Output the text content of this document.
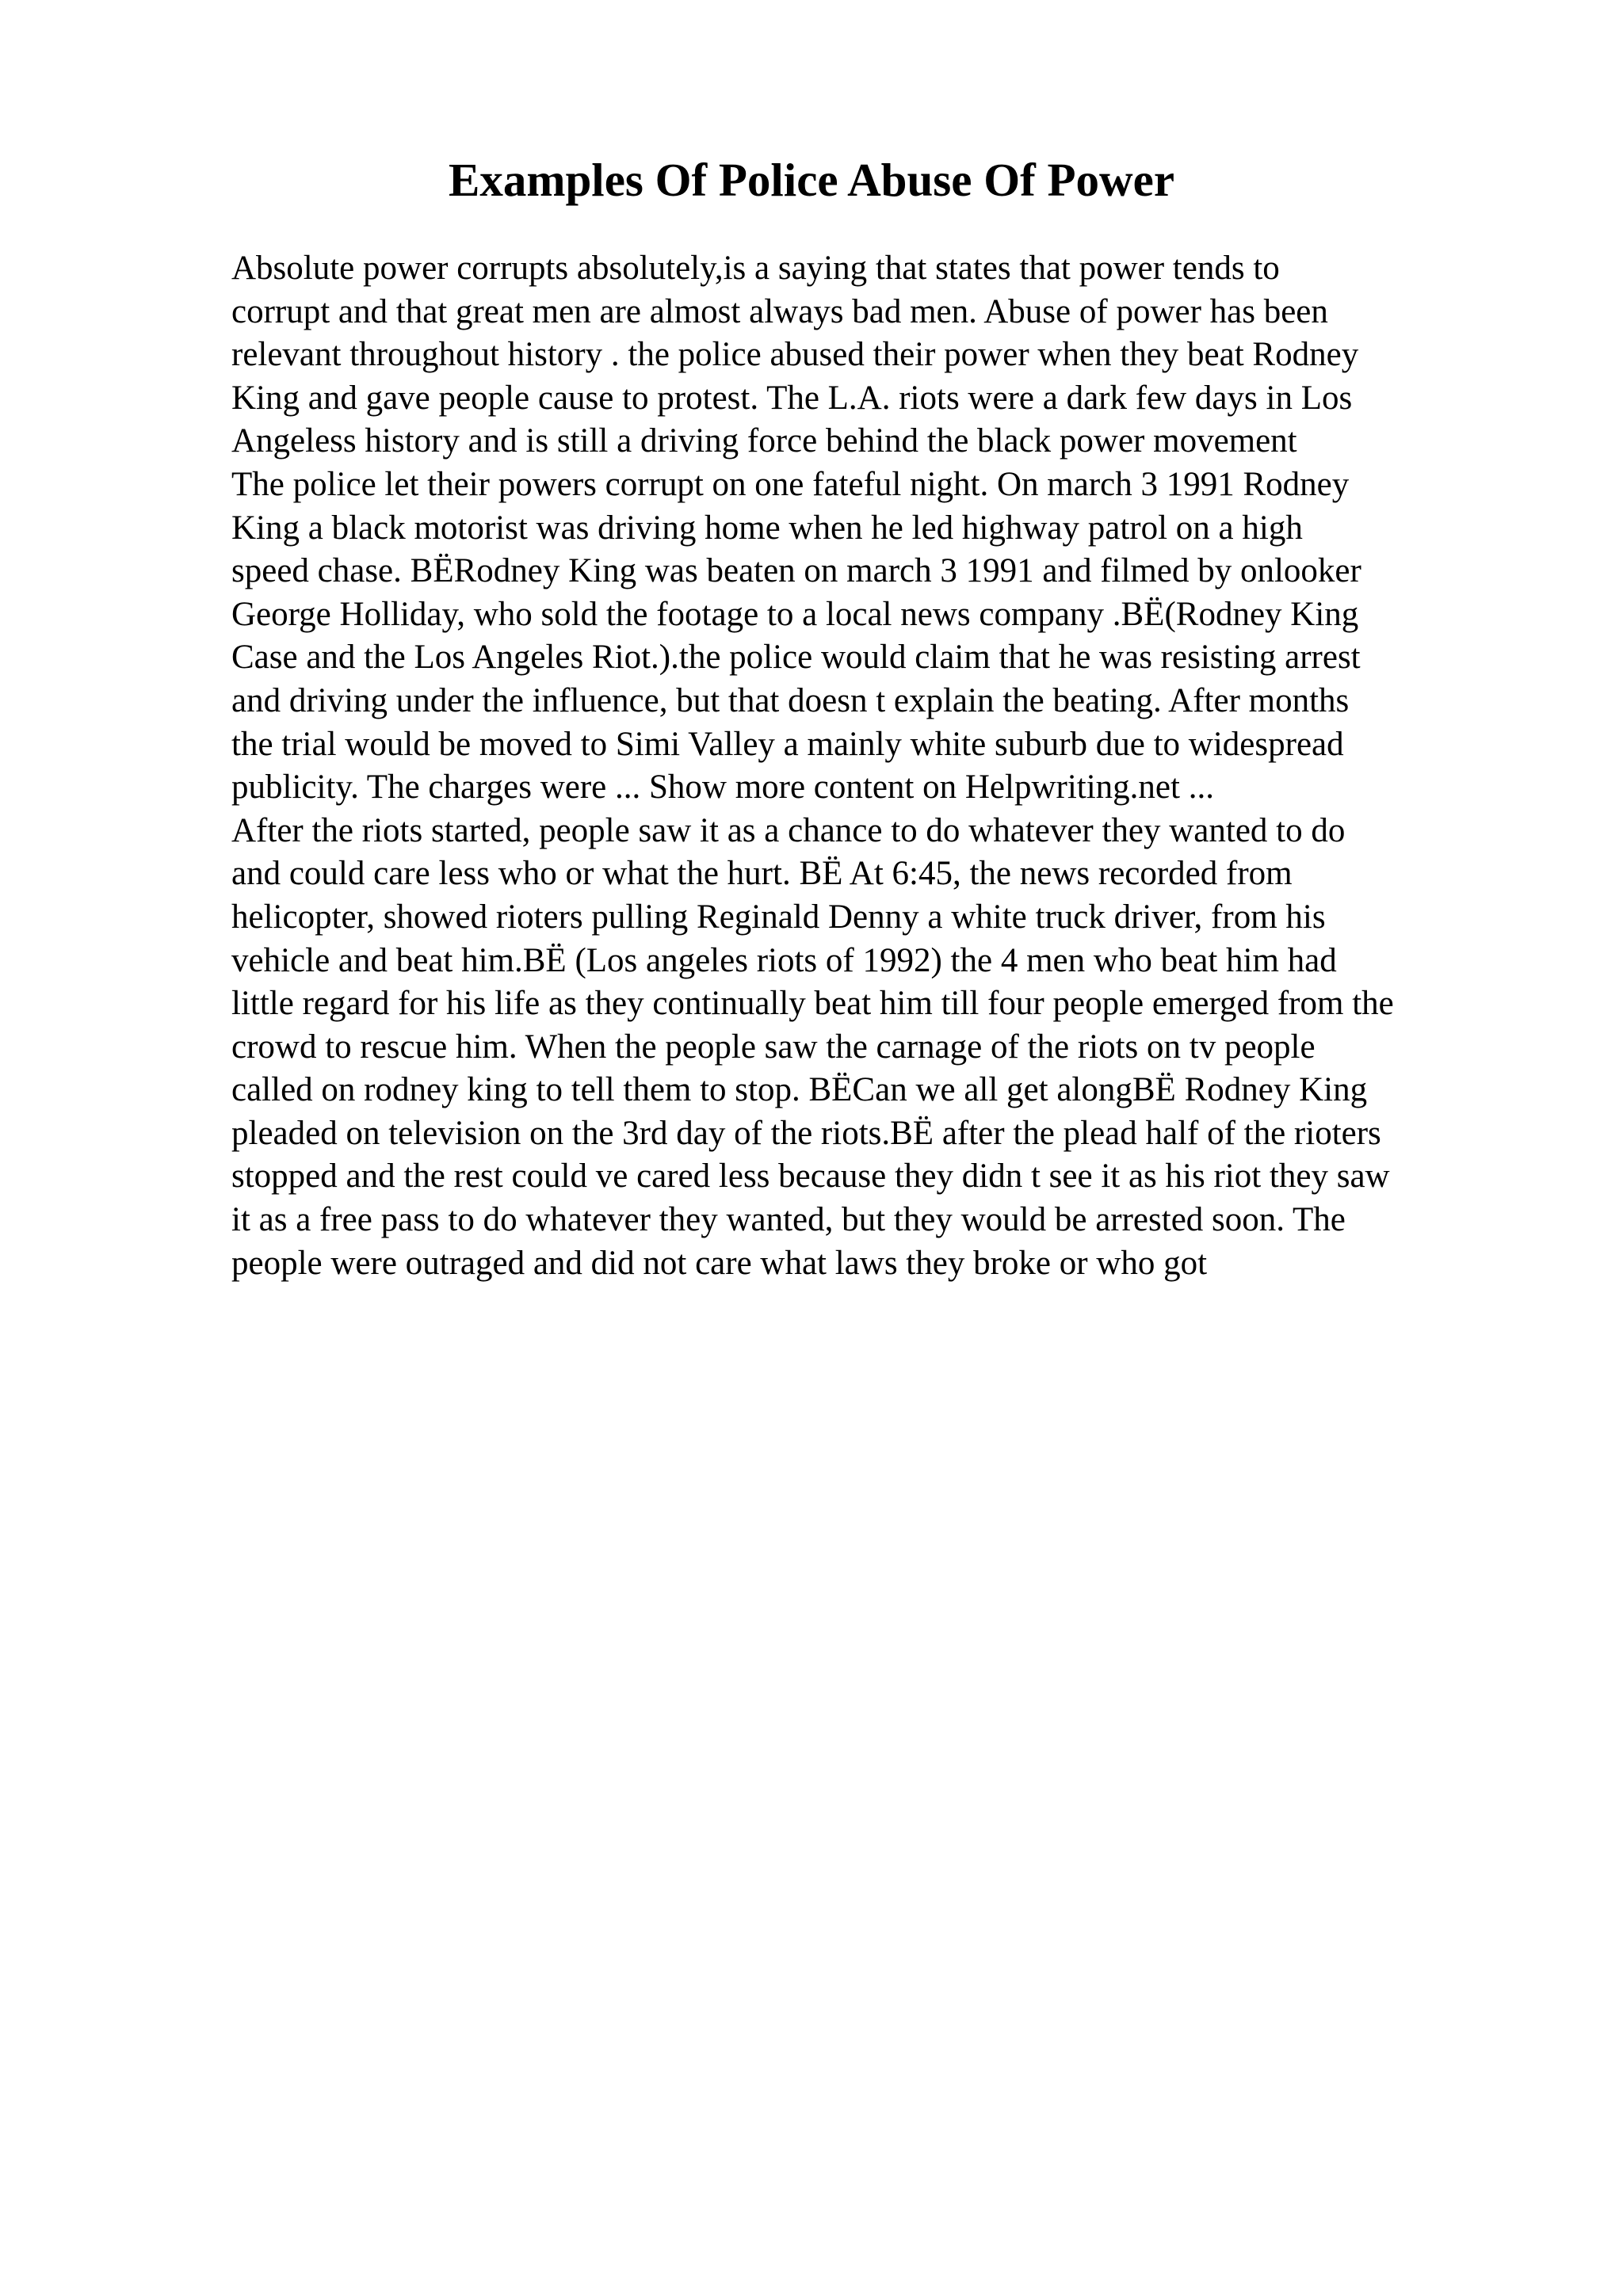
Examples Of Police Abuse Of Power
Absolute power corrupts absolutely,is a saying that states that power tends to
corrupt and that great men are almost always bad men. Abuse of power has been
relevant throughout history . the police abused their power when they beat Rodney
King and gave people cause to protest. The L.A. riots were a dark few days in Los
Angeless history and is still a driving force behind the black power movement
The police let their powers corrupt on one fateful night. On march 3 1991 Rodney
King a black motorist was driving home when he led highway patrol on a high
speed chase. BËRodney King was beaten on march 3 1991 and filmed by onlooker
George Holliday, who sold the footage to a local news company .BË(Rodney King
Case and the Los Angeles Riot.).the police would claim that he was resisting arrest
and driving under the influence, but that doesn t explain the beating. After months
the trial would be moved to Simi Valley a mainly white suburb due to widespread
publicity. The charges were ... Show more content on Helpwriting.net ...
After the riots started, people saw it as a chance to do whatever they wanted to do
and could care less who or what the hurt. BË At 6:45, the news recorded from
helicopter, showed rioters pulling Reginald Denny a white truck driver, from his
vehicle and beat him.BË (Los angeles riots of 1992) the 4 men who beat him had
little regard for his life as they continually beat him till four people emerged from the
crowd to rescue him. When the people saw the carnage of the riots on tv people
called on rodney king to tell them to stop. BËCan we all get alongBË Rodney King
pleaded on television on the 3rd day of the riots.BË after the plead half of the rioters
stopped and the rest could ve cared less because they didn t see it as his riot they saw
it as a free pass to do whatever they wanted, but they would be arrested soon. The
people were outraged and did not care what laws they broke or who got
